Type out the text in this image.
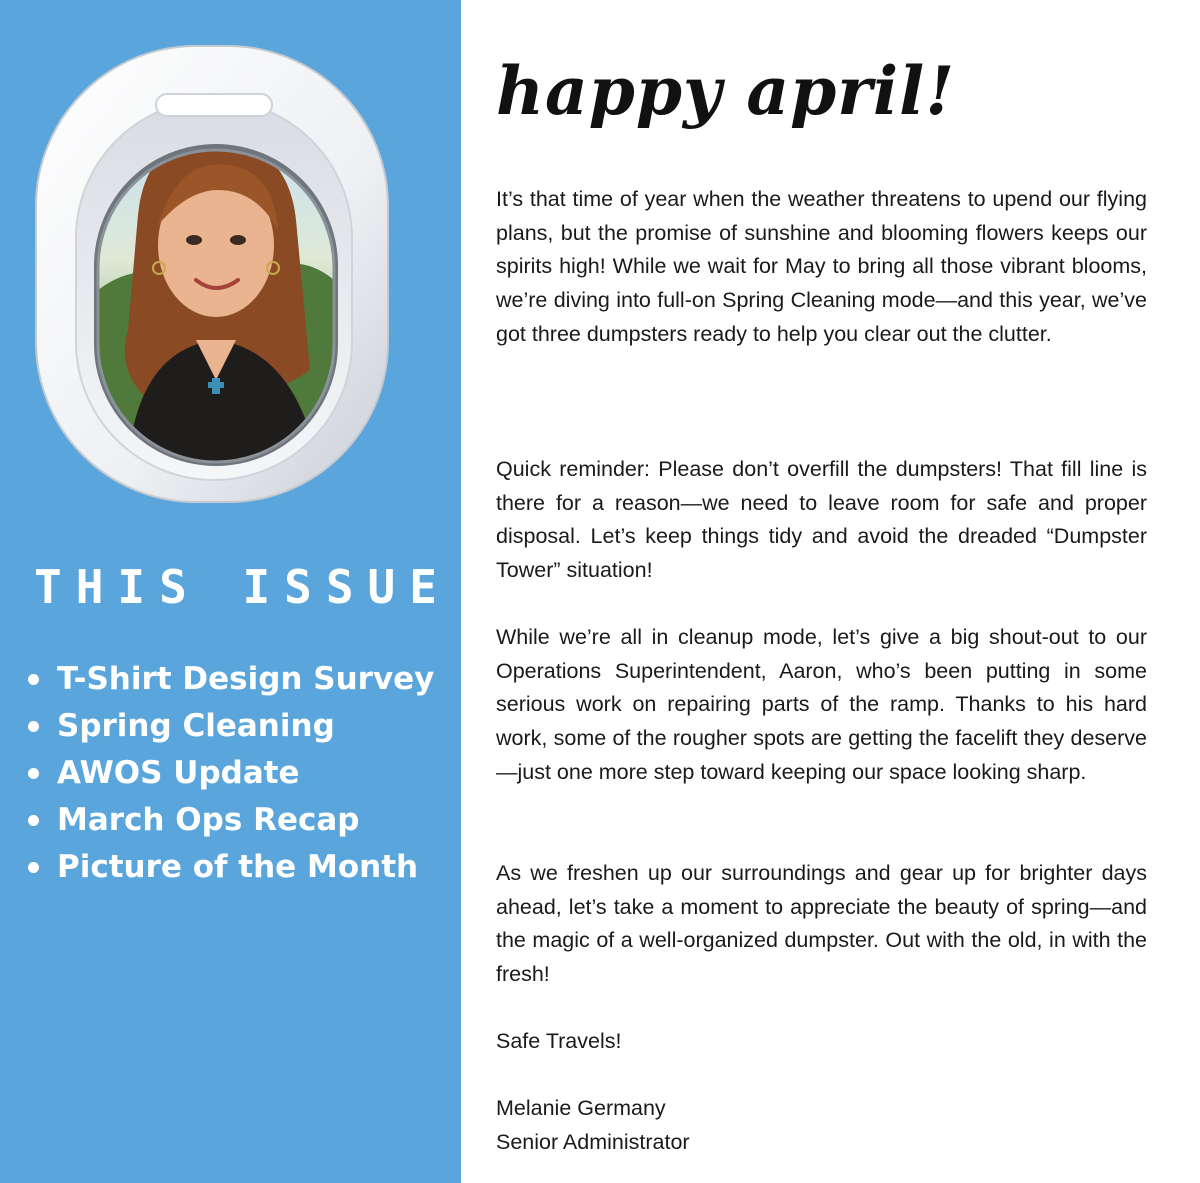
THIS ISSUE:
T-Shirt Design Survey
Spring Cleaning
AWOS Update
March Ops Recap
Picture of the Month
happy april!

It’s that time of year when the weather threatens to upend our flying plans, but the promise of sunshine and blooming flowers keeps our spirits high! While we wait for May to bring all those vibrant blooms, we’re diving into full-on Spring Cleaning mode—and this year, we’ve got three dumpsters ready to help you clear out the clutter.

Quick reminder: Please don’t overfill the dumpsters! That fill line is there for a reason—we need to leave room for safe and proper disposal. Let’s keep things tidy and avoid the dreaded “Dumpster Tower” situation!

While we’re all in cleanup mode, let’s give a big shout-out to our Operations Superintendent, Aaron, who’s been putting in some serious work on repairing parts of the ramp. Thanks to his hard work, some of the rougher spots are getting the facelift they deserve—just one more step toward keeping our space looking sharp.

As we freshen up our surroundings and gear up for brighter days ahead, let’s take a moment to appreciate the beauty of spring—and the magic of a well-organized dumpster. Out with the old, in with the fresh!

Safe Travels!
Melanie Germany
Senior Administrator
